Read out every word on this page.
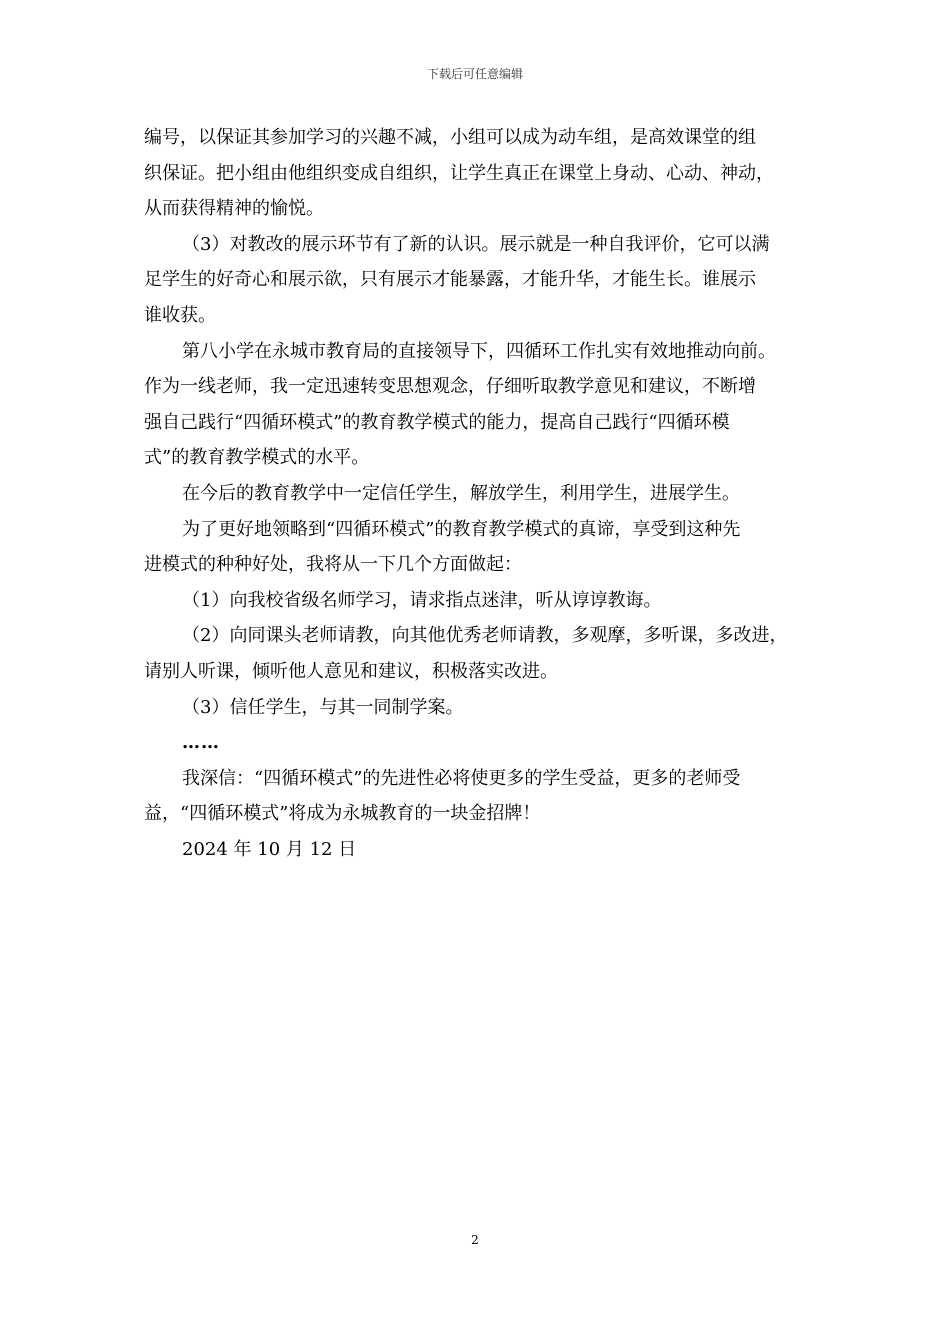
下载后可任意编辑
编号，以保证其参加学习的兴趣不减，小组可以成为动车组，是高效课堂的组
织保证。把小组由他组织变成自组织，让学生真正在课堂上身动、心动、神动，
从而获得精神的愉悦。
（3）对教改的展示环节有了新的认识。展示就是一种自我评价，它可以满
足学生的好奇心和展示欲，只有展示才能暴露，才能升华，才能生长。谁展示
谁收获。
第八小学在永城市教育局的直接领导下，四循环工作扎实有效地推动向前。
作为一线老师，我一定迅速转变思想观念，仔细听取教学意见和建议，不断增
强自己践行“四循环模式”的教育教学模式的能力，提高自己践行“四循环模
式”的教育教学模式的水平。
在今后的教育教学中一定信任学生，解放学生，利用学生，进展学生。
为了更好地领略到“四循环模式”的教育教学模式的真谛，享受到这种先
进模式的种种好处，我将从一下几个方面做起：
（1）向我校省级名师学习，请求指点迷津，听从谆谆教诲。
（2）向同课头老师请教，向其他优秀老师请教，多观摩，多听课，多改进，
请别人听课，倾听他人意见和建议，积极落实改进。
（3）信任学生，与其一同制学案。
……
我深信：“四循环模式”的先进性必将使更多的学生受益，更多的老师受
益，“四循环模式”将成为永城教育的一块金招牌！
2024 年 10 月 12 日
2
